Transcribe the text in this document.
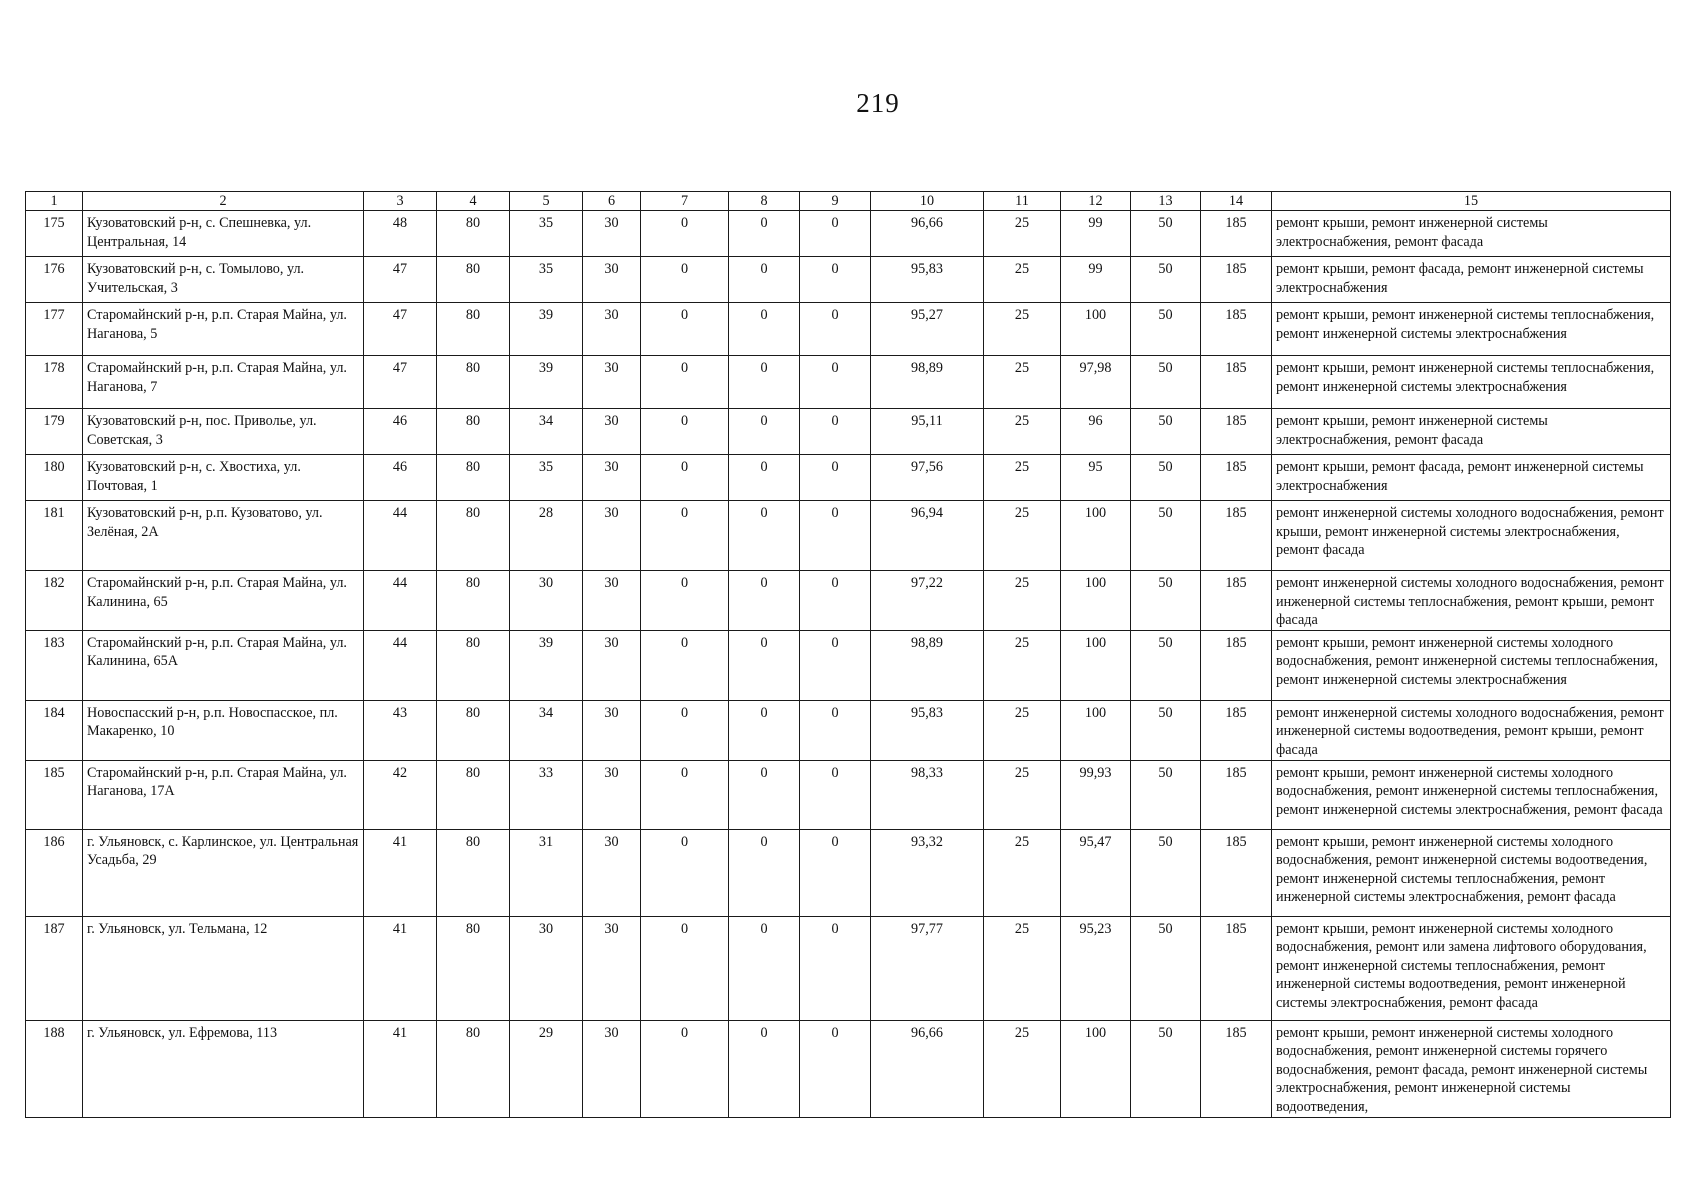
219
1	2	3	4	5	6	7	8	9	10	11	12	13	14	15
175	Кузоватовский р-н, с. Спешневка, ул. Центральная, 14	48	80	35	30	0	0	0	96,66	25	99	50	185	ремонт крыши, ремонт инженерной системы электроснабжения, ремонт фасада
176	Кузоватовский р-н, с. Томылово, ул. Учительская, 3	47	80	35	30	0	0	0	95,83	25	99	50	185	ремонт крыши, ремонт фасада, ремонт инженерной системы электроснабжения
177	Старомайнский р-н, р.п. Старая Майна, ул. Наганова, 5	47	80	39	30	0	0	0	95,27	25	100	50	185	ремонт крыши, ремонт инженерной системы теплоснабжения, ремонт инженерной системы электроснабжения
178	Старомайнский р-н, р.п. Старая Майна, ул. Наганова, 7	47	80	39	30	0	0	0	98,89	25	97,98	50	185	ремонт крыши, ремонт инженерной системы теплоснабжения, ремонт инженерной системы электроснабжения
179	Кузоватовский р-н, пос. Приволье, ул. Советская, 3	46	80	34	30	0	0	0	95,11	25	96	50	185	ремонт крыши, ремонт инженерной системы электроснабжения, ремонт фасада
180	Кузоватовский р-н, с. Хвостиха, ул. Почтовая, 1	46	80	35	30	0	0	0	97,56	25	95	50	185	ремонт крыши, ремонт фасада, ремонт инженерной системы электроснабжения
181	Кузоватовский р-н, р.п. Кузоватово, ул. Зелёная, 2А	44	80	28	30	0	0	0	96,94	25	100	50	185	ремонт инженерной системы холодного водоснабжения, ремонт крыши, ремонт инженерной системы электроснабжения, ремонт фасада
182	Старомайнский р-н, р.п. Старая Майна, ул. Калинина, 65	44	80	30	30	0	0	0	97,22	25	100	50	185	ремонт инженерной системы холодного водоснабжения, ремонт инженерной системы теплоснабжения, ремонт крыши, ремонт фасада
183	Старомайнский р-н, р.п. Старая Майна, ул. Калинина, 65А	44	80	39	30	0	0	0	98,89	25	100	50	185	ремонт крыши, ремонт инженерной системы холодного водоснабжения, ремонт инженерной системы теплоснабжения, ремонт инженерной системы электроснабжения
184	Новоспасский р-н, р.п. Новоспасское, пл. Макаренко, 10	43	80	34	30	0	0	0	95,83	25	100	50	185	ремонт инженерной системы холодного водоснабжения, ремонт инженерной системы водоотведения, ремонт крыши, ремонт фасада
185	Старомайнский р-н, р.п. Старая Майна, ул. Наганова, 17А	42	80	33	30	0	0	0	98,33	25	99,93	50	185	ремонт крыши, ремонт инженерной системы холодного водоснабжения, ремонт инженерной системы теплоснабжения, ремонт инженерной системы электроснабжения, ремонт фасада
186	г. Ульяновск, с. Карлинское, ул. Центральная Усадьба, 29	41	80	31	30	0	0	0	93,32	25	95,47	50	185	ремонт крыши, ремонт инженерной системы холодного водоснабжения, ремонт инженерной системы водоотведения, ремонт инженерной системы теплоснабжения, ремонт инженерной системы электроснабжения, ремонт фасада
187	г. Ульяновск, ул. Тельмана, 12	41	80	30	30	0	0	0	97,77	25	95,23	50	185	ремонт крыши, ремонт инженерной системы холодного водоснабжения, ремонт или замена лифтового оборудования, ремонт инженерной системы теплоснабжения, ремонт инженерной системы водоотведения, ремонт инженерной системы электроснабжения, ремонт фасада
188	г. Ульяновск, ул. Ефремова, 113	41	80	29	30	0	0	0	96,66	25	100	50	185	ремонт крыши, ремонт инженерной системы холодного водоснабжения, ремонт инженерной системы горячего водоснабжения, ремонт фасада, ремонт инженерной системы электроснабжения, ремонт инженерной системы водоотведения,
